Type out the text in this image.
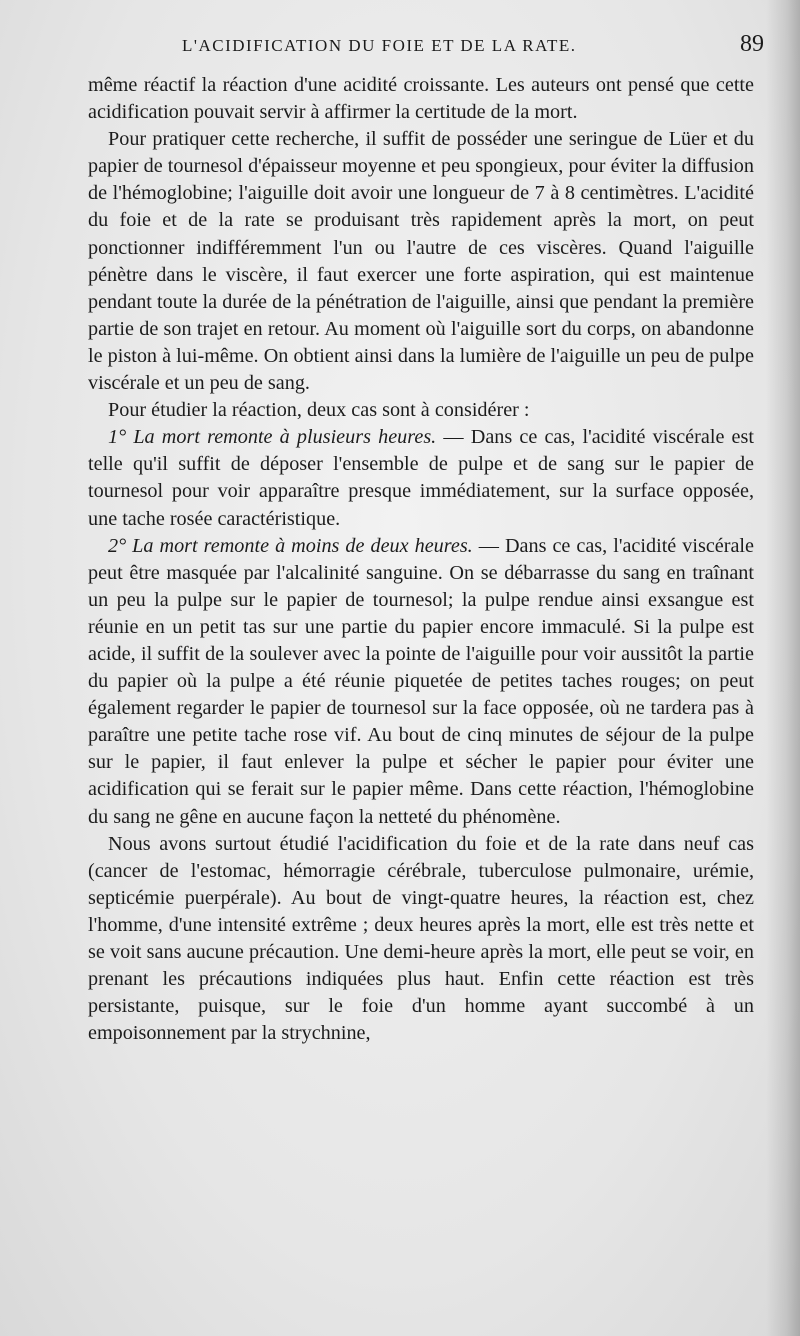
L'ACIDIFICATION DU FOIE ET DE LA RATE.	89

même réactif la réaction d'une acidité croissante. Les auteurs ont pensé que cette acidification pouvait servir à affirmer la certitude de la mort.

Pour pratiquer cette recherche, il suffit de posséder une seringue de Lüer et du papier de tournesol d'épaisseur moyenne et peu spongieux, pour éviter la diffusion de l'hémoglobine; l'aiguille doit avoir une longueur de 7 à 8 centimètres. L'acidité du foie et de la rate se produisant très rapidement après la mort, on peut ponctionner indifféremment l'un ou l'autre de ces viscères. Quand l'aiguille pénètre dans le viscère, il faut exercer une forte aspiration, qui est maintenue pendant toute la durée de la pénétration de l'aiguille, ainsi que pendant la première partie de son trajet en retour. Au moment où l'aiguille sort du corps, on abandonne le piston à lui-même. On obtient ainsi dans la lumière de l'aiguille un peu de pulpe viscérale et un peu de sang.

Pour étudier la réaction, deux cas sont à considérer :

1° La mort remonte à plusieurs heures. — Dans ce cas, l'acidité viscérale est telle qu'il suffit de déposer l'ensemble de pulpe et de sang sur le papier de tournesol pour voir apparaître presque immédiatement, sur la surface opposée, une tache rosée caractéristique.

2° La mort remonte à moins de deux heures. — Dans ce cas, l'acidité viscérale peut être masquée par l'alcalinité sanguine. On se débarrasse du sang en traînant un peu la pulpe sur le papier de tournesol; la pulpe rendue ainsi exsangue est réunie en un petit tas sur une partie du papier encore immaculé. Si la pulpe est acide, il suffit de la soulever avec la pointe de l'aiguille pour voir aussitôt la partie du papier où la pulpe a été réunie piquetée de petites taches rouges; on peut également regarder le papier de tournesol sur la face opposée, où ne tardera pas à paraître une petite tache rose vif. Au bout de cinq minutes de séjour de la pulpe sur le papier, il faut enlever la pulpe et sécher le papier pour éviter une acidification qui se ferait sur le papier même. Dans cette réaction, l'hémoglobine du sang ne gêne en aucune façon la netteté du phénomène.

Nous avons surtout étudié l'acidification du foie et de la rate dans neuf cas (cancer de l'estomac, hémorragie cérébrale, tuberculose pulmonaire, urémie, septicémie puerpérale). Au bout de vingt-quatre heures, la réaction est, chez l'homme, d'une intensité extrême ; deux heures après la mort, elle est très nette et se voit sans aucune précaution. Une demi-heure après la mort, elle peut se voir, en prenant les précautions indiquées plus haut. Enfin cette réaction est très persistante, puisque, sur le foie d'un homme ayant succombé à un empoisonnement par la strychnine,
